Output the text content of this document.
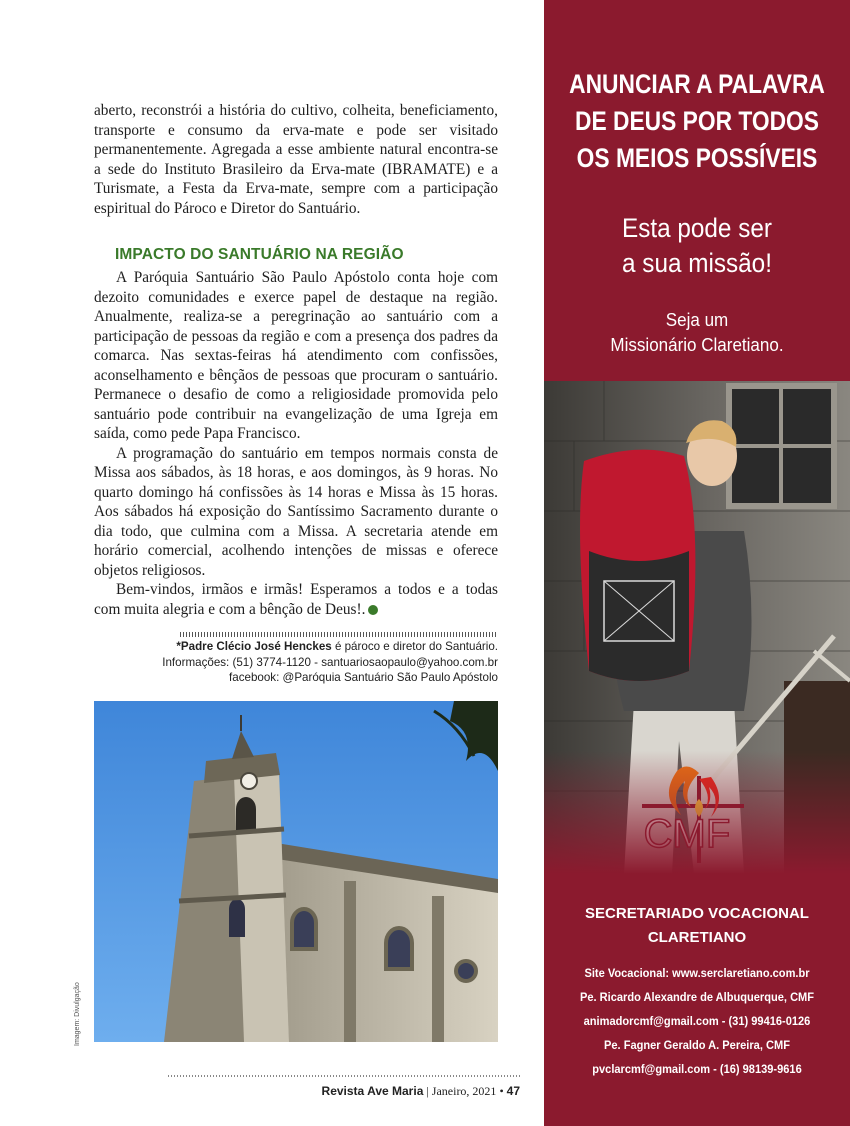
aberto, reconstrói a história do cultivo, colheita, beneficiamento, transporte e consumo da erva-mate e pode ser visitado permanentemente. Agregada a esse ambiente natural encontra-se a sede do Instituto Brasileiro da Erva-mate (IBRAMATE) e a Turismate, a Festa da Erva-mate, sempre com a participação espiritual do Pároco e Diretor do Santuário.

IMPACTO DO SANTUÁRIO NA REGIÃO

A Paróquia Santuário São Paulo Apóstolo conta hoje com dezoito comunidades e exerce papel de destaque na região. Anualmente, realiza-se a peregrinação ao santuário com a participação de pessoas da região e com a presença dos padres da comarca. Nas sextas-feiras há atendimento com confissões, aconselhamento e bênçãos de pessoas que procuram o santuário. Permanece o desafio de como a religiosidade promovida pelo santuário pode contribuir na evangelização de uma Igreja em saída, como pede Papa Francisco.

A programação do santuário em tempos normais consta de Missa aos sábados, às 18 horas, e aos domingos, às 9 horas. No quarto domingo há confissões às 14 horas e Missa às 15 horas. Aos sábados há exposição do Santíssimo Sacramento durante o dia todo, que culmina com a Missa. A secretaria atende em horário comercial, acolhendo intenções de missas e oferece objetos religiosos.

Bem-vindos, irmãos e irmãs! Esperamos a todos e a todas com muita alegria e com a bênção de Deus!.

*Padre Clécio José Henckes é pároco e diretor do Santuário.
Informações: (51) 3774-1120 - santuariosaopaulo@yahoo.com.br
facebook: @Paróquia Santuário São Paulo Apóstolo
Imagem: Divulgação
Revista Ave Maria | Janeiro, 2021 • 47
ANUNCIAR A PALAVRA
DE DEUS POR TODOS
OS MEIOS POSSÍVEIS
Esta pode ser
a sua missão!
Seja um
Missionário Claretiano.
SECRETARIADO VOCACIONAL
CLARETIANO
Site Vocacional: www.serclaretiano.com.br
Pe. Ricardo Alexandre de Albuquerque, CMF
animadorcmf@gmail.com - (31) 99416-0126
Pe. Fagner Geraldo A. Pereira, CMF
pvclarcmf@gmail.com - (16) 98139-9616
